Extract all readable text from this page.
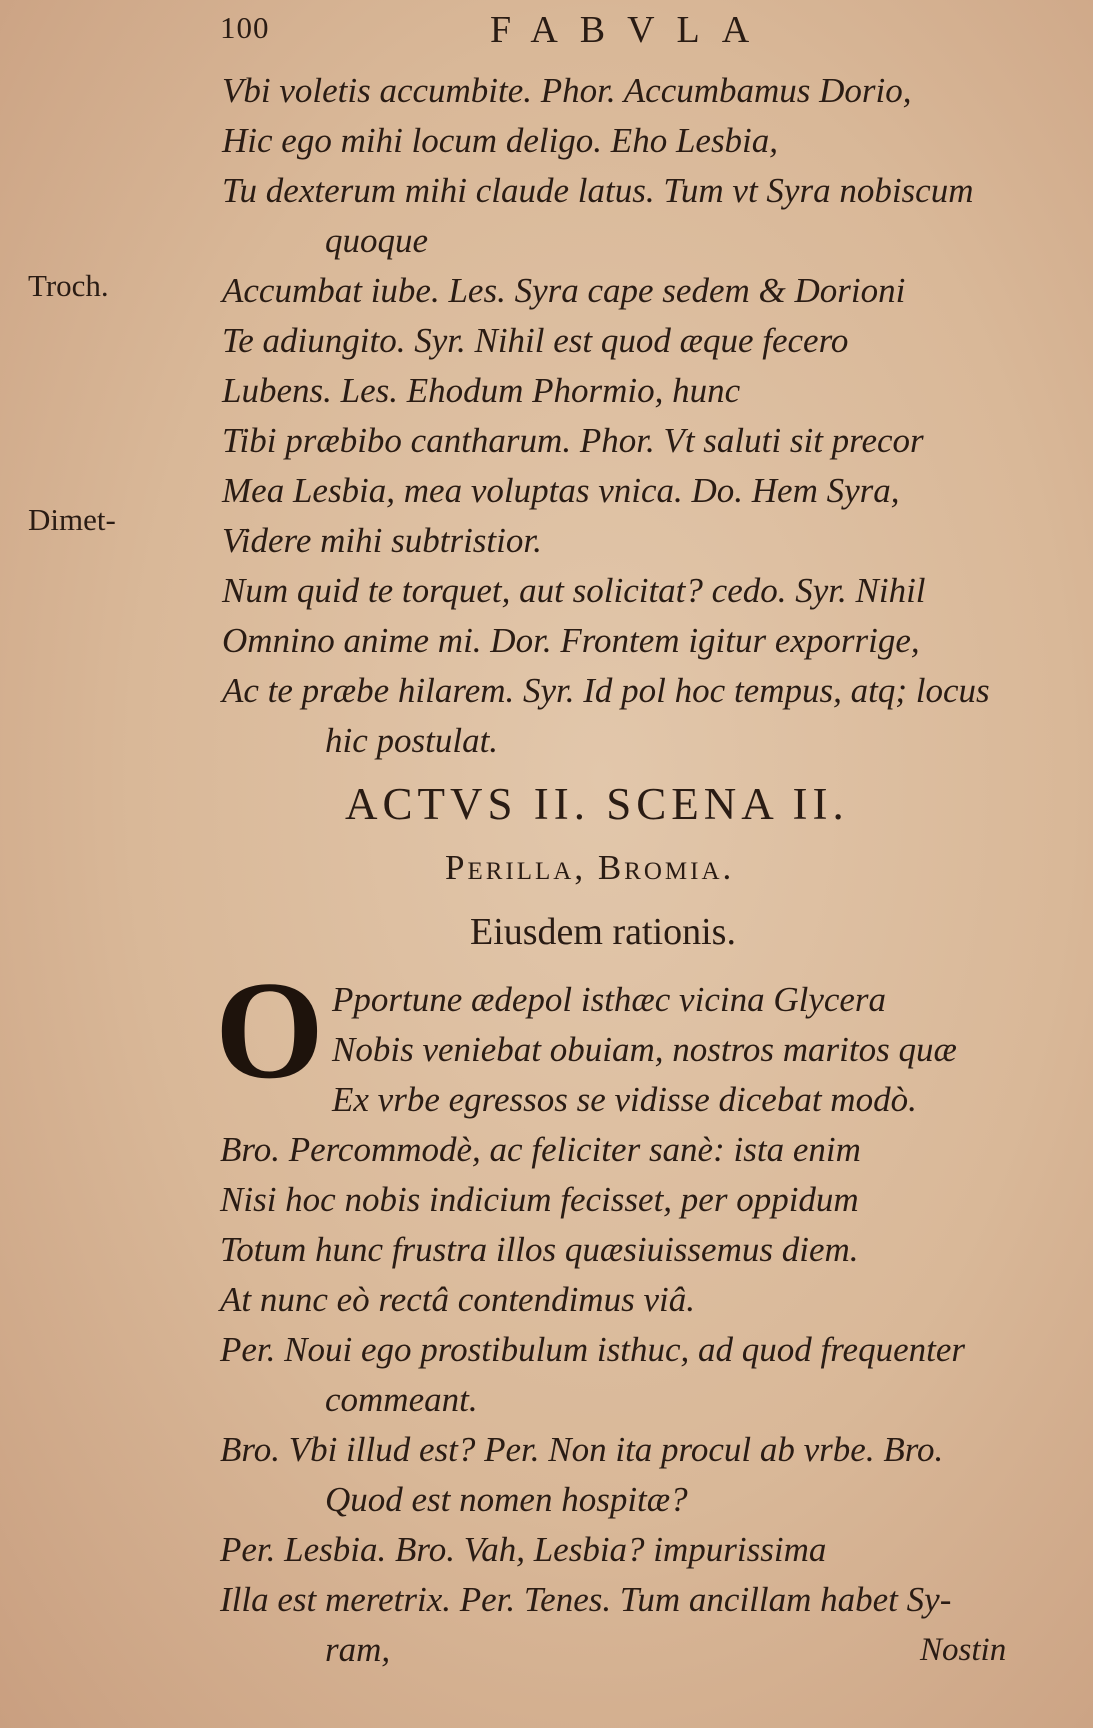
100	FABVLA
Troch.
Dimet-
Vbi voletis accumbite. Phor. Accumbamus Dorio,
Hic ego mihi locum deligo. Eho Lesbia,
Tu dexterum mihi claude latus. Tum vt Syra nobiscum
quoque
Accumbat iube. Les. Syra cape sedem & Dorioni
Te adiungito. Syr. Nihil est quod æque fecero
Lubens. Les. Ehodum Phormio, hunc
Tibi præbibo cantharum. Phor. Vt saluti sit precor
Mea Lesbia, mea voluptas vnica. Do. Hem Syra,
Videre mihi subtristior.
Num quid te torquet, aut solicitat? cedo. Syr. Nihil
Omnino anime mi. Dor. Frontem igitur exporrige,
Ac te præbe hilarem. Syr. Id pol hoc tempus, atq; locus
hic postulat.
ACTVS II. SCENA II.
Perilla, Bromia.
Eiusdem rationis.
O Pportune ædepol isthæc vicina Glycera
Nobis veniebat obuiam, nostros maritos quæ
Ex vrbe egressos se vidisse dicebat modò.
Bro. Percommodè, ac feliciter sanè: ista enim
Nisi hoc nobis indicium fecisset, per oppidum
Totum hunc frustra illos quæsiuissemus diem.
At nunc eò rectâ contendimus viâ.
Per. Noui ego prostibulum isthuc, ad quod frequenter
commeant.
Bro. Vbi illud est? Per. Non ita procul ab vrbe. Bro.
Quod est nomen hospitæ?
Per. Lesbia. Bro. Vah, Lesbia? impurissima
Illa est meretrix. Per. Tenes. Tum ancillam habet Sy-
ram,	Nostin
